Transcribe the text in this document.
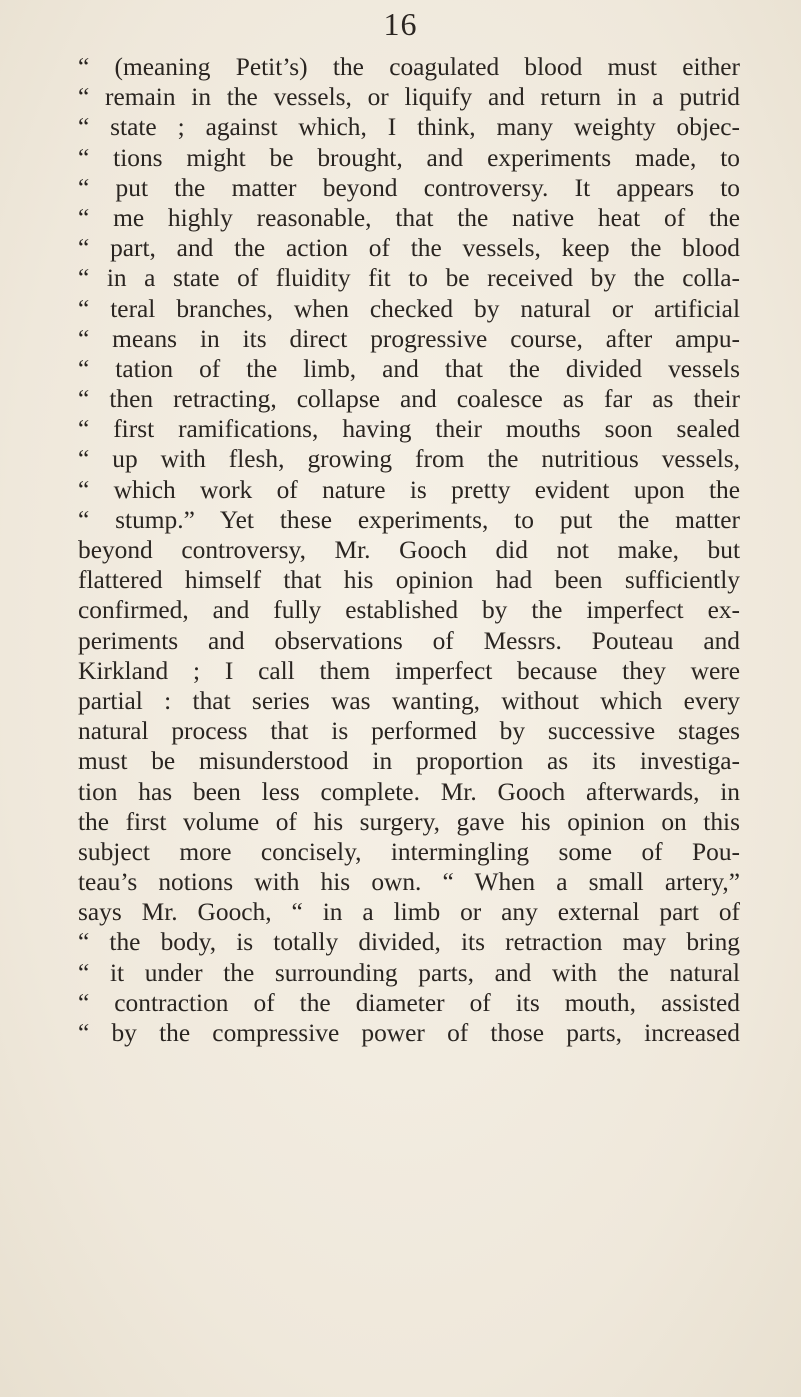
16
“ (meaning Petit’s) the coagulated blood must either
“ remain in the vessels, or liquify and return in a putrid
“ state ; against which, I think, many weighty objec-
“ tions might be brought, and experiments made, to
“ put the matter beyond controversy. It appears to
“ me highly reasonable, that the native heat of the
“ part, and the action of the vessels, keep the blood
“ in a state of fluidity fit to be received by the colla-
“ teral branches, when checked by natural or artificial
“ means in its direct progressive course, after ampu-
“ tation of the limb, and that the divided vessels
“ then retracting, collapse and coalesce as far as their
“ first ramifications, having their mouths soon sealed
“ up with flesh, growing from the nutritious vessels,
“ which work of nature is pretty evident upon the
“ stump.” Yet these experiments, to put the matter
beyond controversy, Mr. Gooch did not make, but
flattered himself that his opinion had been sufficiently
confirmed, and fully established by the imperfect ex-
periments and observations of Messrs. Pouteau and
Kirkland ; I call them imperfect because they were
partial : that series was wanting, without which every
natural process that is performed by successive stages
must be misunderstood in proportion as its investiga-
tion has been less complete. Mr. Gooch afterwards, in
the first volume of his surgery, gave his opinion on this
subject more concisely, intermingling some of Pou-
teau’s notions with his own. “ When a small artery,”
says Mr. Gooch, “ in a limb or any external part of
“ the body, is totally divided, its retraction may bring
“ it under the surrounding parts, and with the natural
“ contraction of the diameter of its mouth, assisted
“ by the compressive power of those parts, increased
